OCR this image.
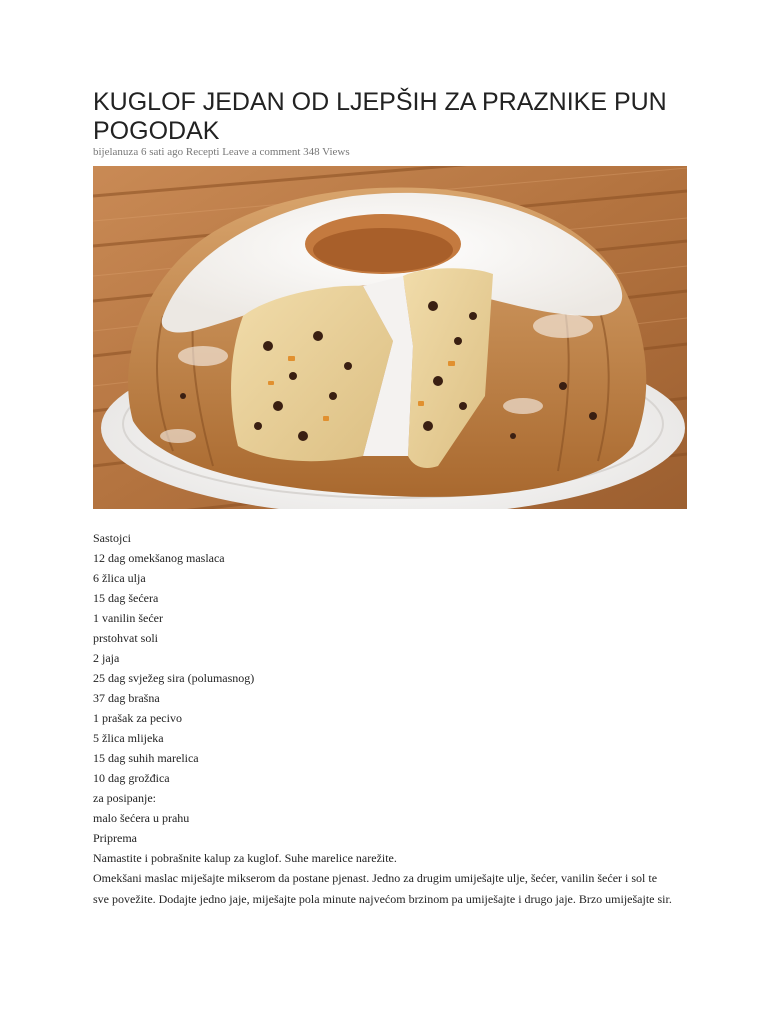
KUGLOF JEDAN OD LJEPŠIH ZA PRAZNIKE PUN POGODAK
bijelanuza 6 sati ago Recepti Leave a comment 348 Views
Sastojci
12 dag omekšanog maslaca
6 žlica ulja
15 dag šećera
1 vanilin šećer
prstohvat soli
2 jaja
25 dag svježeg sira (polumasnog)
37 dag brašna
1 prašak za pecivo
5 žlica mlijeka
15 dag suhih marelica
10 dag grožđica
za posipanje:
malo šećera u prahu
Priprema
Namastite i pobrašnite kalup za kuglof. Suhe marelice narežite.
Omekšani maslac miješajte mikserom da postane pjenast. Jedno za drugim umiješajte ulje, šećer, vanilin šećer i sol te sve povežite. Dodajte jedno jaje, miješajte pola minute najvećom brzinom pa umiješajte i drugo jaje. Brzo umiješajte sir.
